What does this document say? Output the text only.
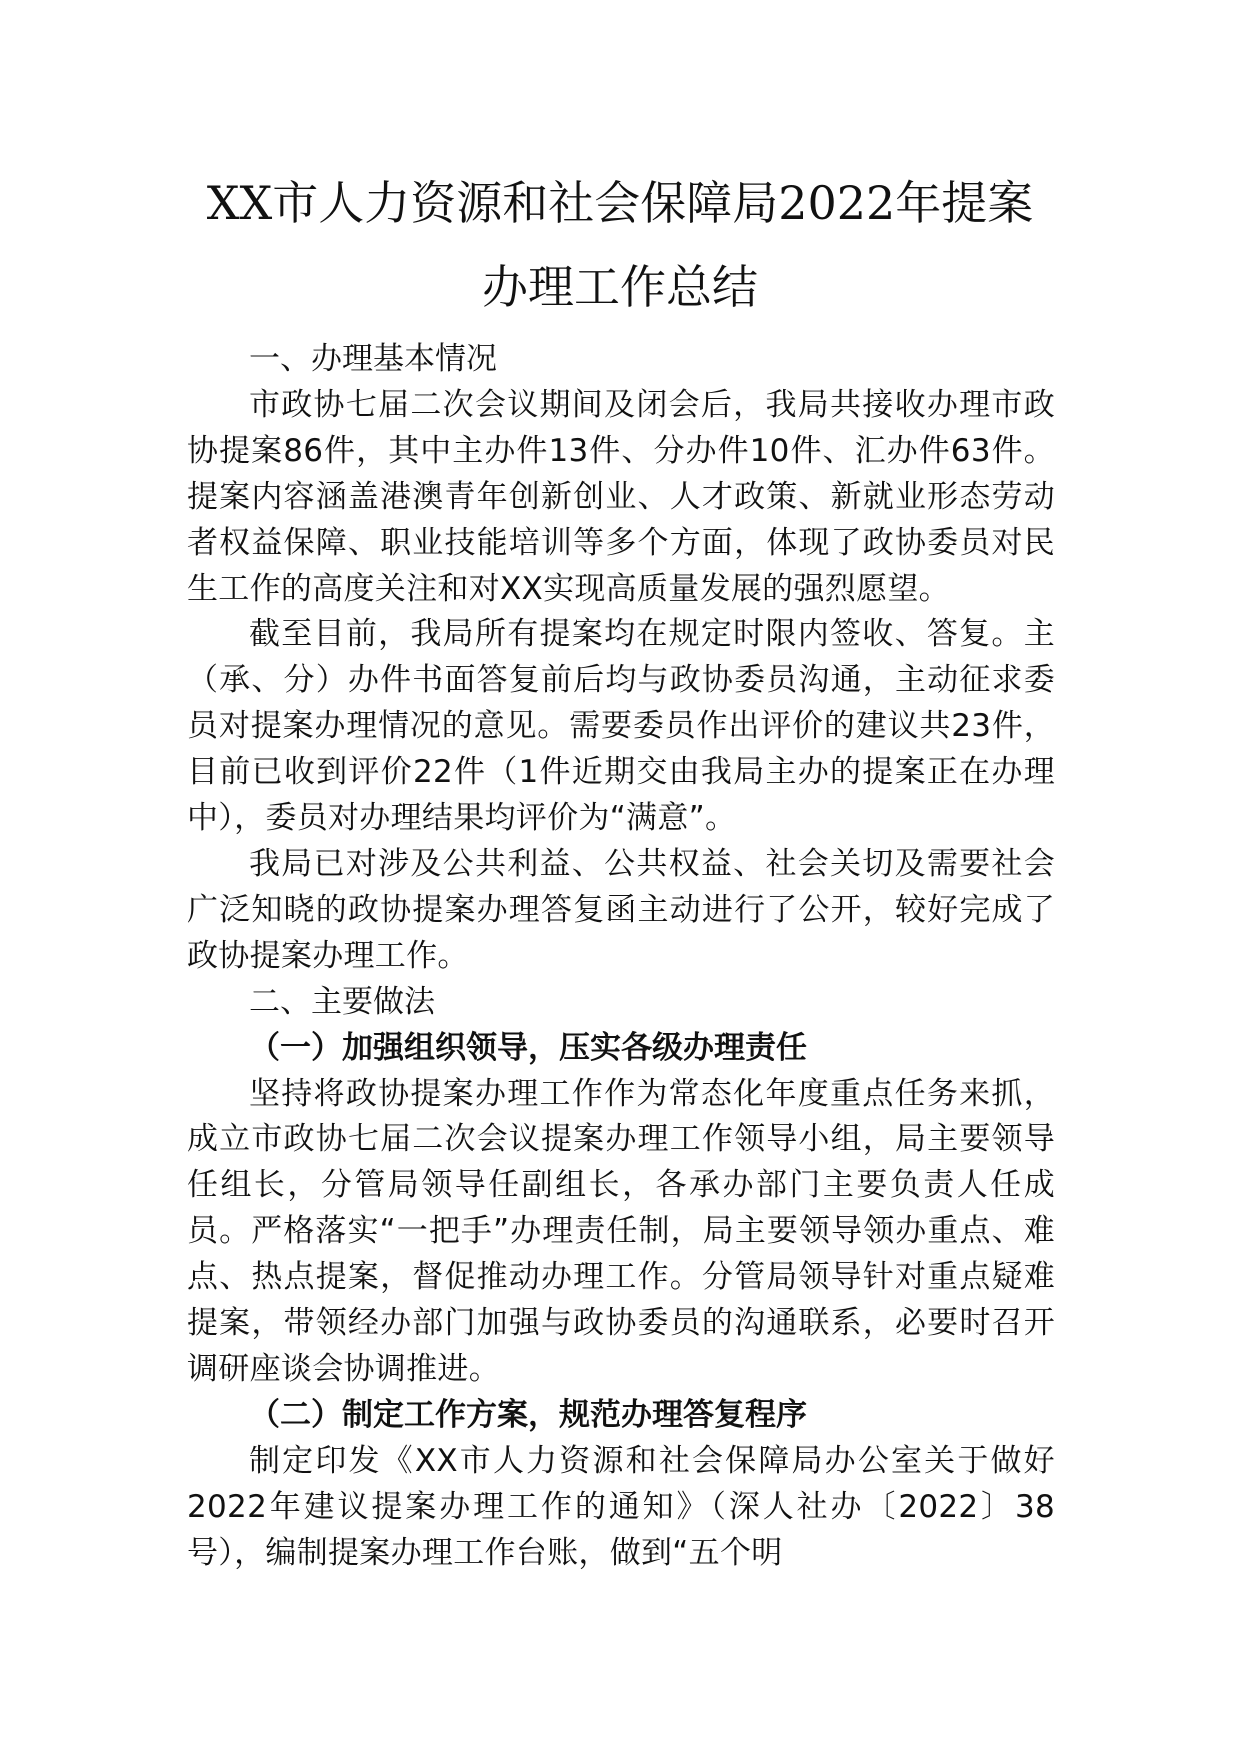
XX市人力资源和社会保障局2022年提案
办理工作总结
一、办理基本情况

市政协七届二次会议期间及闭会后，我局共接收办理市政协提案86件，其中主办件13件、分办件10件、汇办件63件。提案内容涵盖港澳青年创新创业、人才政策、新就业形态劳动者权益保障、职业技能培训等多个方面，体现了政协委员对民生工作的高度关注和对XX实现高质量发展的强烈愿望。

截至目前，我局所有提案均在规定时限内签收、答复。主（承、分）办件书面答复前后均与政协委员沟通，主动征求委员对提案办理情况的意见。需要委员作出评价的建议共23件，目前已收到评价22件（1件近期交由我局主办的提案正在办理中），委员对办理结果均评价为“满意”。

我局已对涉及公共利益、公共权益、社会关切及需要社会广泛知晓的政协提案办理答复函主动进行了公开，较好完成了政协提案办理工作。

二、主要做法
（一）加强组织领导，压实各级办理责任

坚持将政协提案办理工作作为常态化年度重点任务来抓，成立市政协七届二次会议提案办理工作领导小组，局主要领导任组长，分管局领导任副组长，各承办部门主要负责人任成员。严格落实“一把手”办理责任制，局主要领导领办重点、难点、热点提案，督促推动办理工作。分管局领导针对重点疑难提案，带领经办部门加强与政协委员的沟通联系，必要时召开调研座谈会协调推进。

（二）制定工作方案，规范办理答复程序

制定印发《XX市人力资源和社会保障局办公室关于做好2022年建议提案办理工作的通知》（深人社办〔2022〕38号），编制提案办理工作台账，做到“五个明
